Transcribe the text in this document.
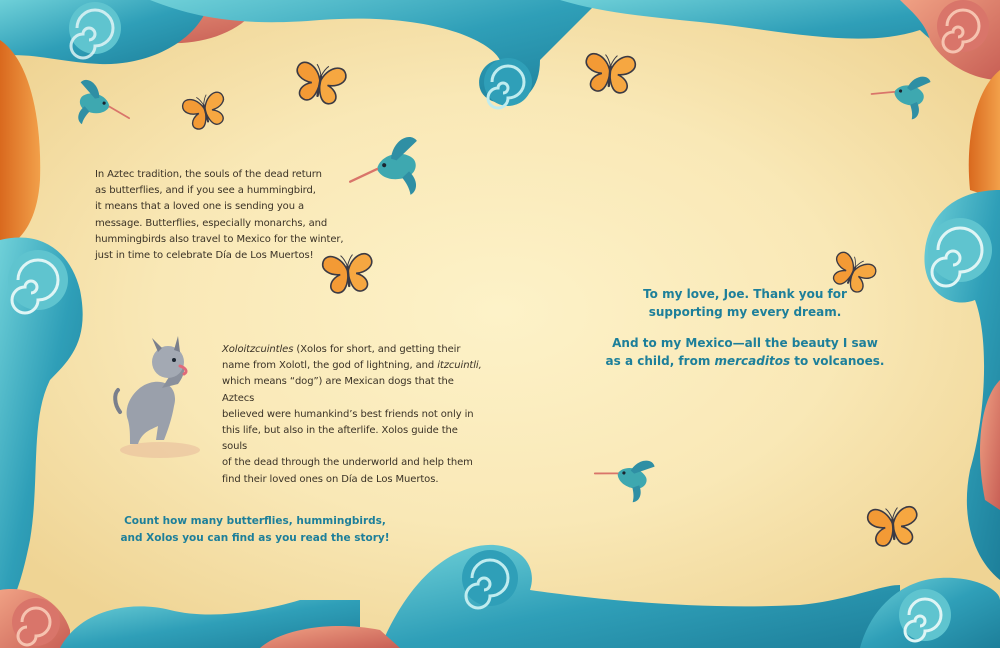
In Aztec tradition, the souls of the dead return
as butterflies, and if you see a hummingbird,
it means that a loved one is sending you a
message. Butterflies, especially monarchs, and
hummingbirds also travel to Mexico for the winter,
just in time to celebrate Día de Los Muertos!
Xoloitzcuintles (Xolos for short, and getting their
name from Xolotl, the god of lightning, and itzcuintli,
which means “dog”) are Mexican dogs that the Aztecs
believed were humankind’s best friends not only in
this life, but also in the afterlife. Xolos guide the souls
of the dead through the underworld and help them
find their loved ones on Día de Los Muertos.
Count how many butterflies, hummingbirds,
and Xolos you can find as you read the story!
To my love, Joe. Thank you for
supporting my every dream.
And to my Mexico—all the beauty I saw
as a child, from mercaditos to volcanoes.
